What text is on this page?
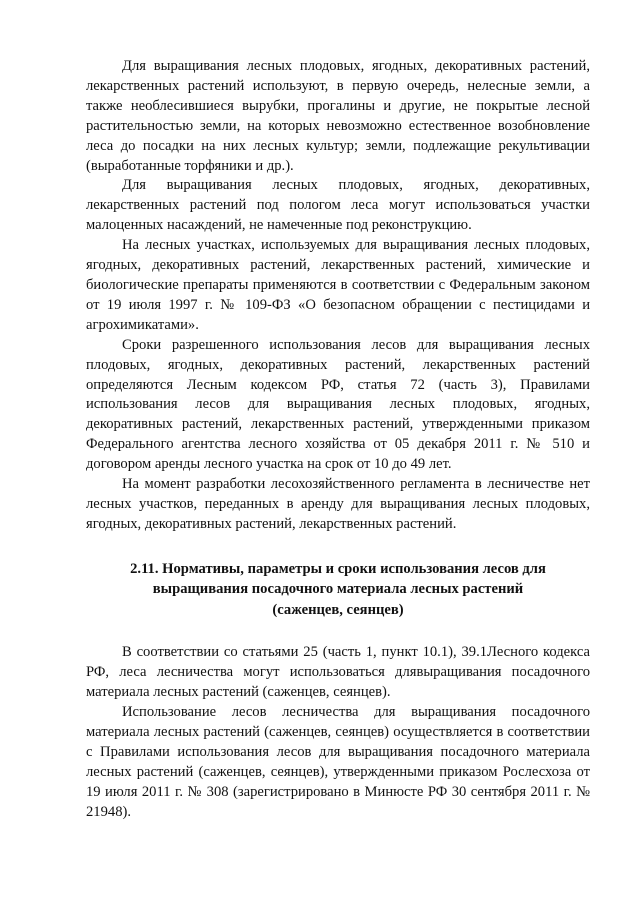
Для выращивания лесных плодовых, ягодных, декоративных растений, лекарственных растений используют, в первую очередь, нелесные земли, а также необлесившиеся вырубки, прогалины и другие, не покрытые лесной растительностью земли, на которых невозможно естественное возобновление леса до посадки на них лесных культур; земли, подлежащие рекультивации (выработанные торфяники и др.).

Для выращивания лесных плодовых, ягодных, декоративных, лекарственных растений под пологом леса могут использоваться участки малоценных насаждений, не намеченные под реконструкцию.

На лесных участках, используемых для выращивания лесных плодовых, ягодных, декоративных растений, лекарственных растений, химические и биологические препараты применяются в соответствии с Федеральным законом от 19 июля 1997 г. № 109-ФЗ «О безопасном обращении с пестицидами и агрохимикатами».

Сроки разрешенного использования лесов для выращивания лесных плодовых, ягодных, декоративных растений, лекарственных растений определяются Лесным кодексом РФ, статья 72 (часть 3), Правилами использования лесов для выращивания лесных плодовых, ягодных, декоративных растений, лекарственных растений, утвержденными приказом Федерального агентства лесного хозяйства от 05 декабря 2011 г. № 510 и договором аренды лесного участка на срок от 10 до 49 лет.

На момент разработки лесохозяйственного регламента в лесничестве нет лесных участков, переданных в аренду для выращивания лесных плодовых, ягодных, декоративных растений, лекарственных растений.

2.11. Нормативы, параметры и сроки использования лесов для
выращивания посадочного материала лесных растений
(саженцев, сеянцев)

В соответствии со статьями 25 (часть 1, пункт 10.1), 39.1Лесного кодекса РФ, леса лесничества могут использоваться длявыращивания посадочного материала лесных растений (саженцев, сеянцев).

Использование лесов лесничества для выращивания посадочного материала лесных растений (саженцев, сеянцев) осуществляется в соответствии с Правилами использования лесов для выращивания посадочного материала лесных растений (саженцев, сеянцев), утвержденными приказом Рослесхоза от 19 июля 2011 г. № 308 (зарегистрировано в Минюсте РФ 30 сентября 2011 г. № 21948).
